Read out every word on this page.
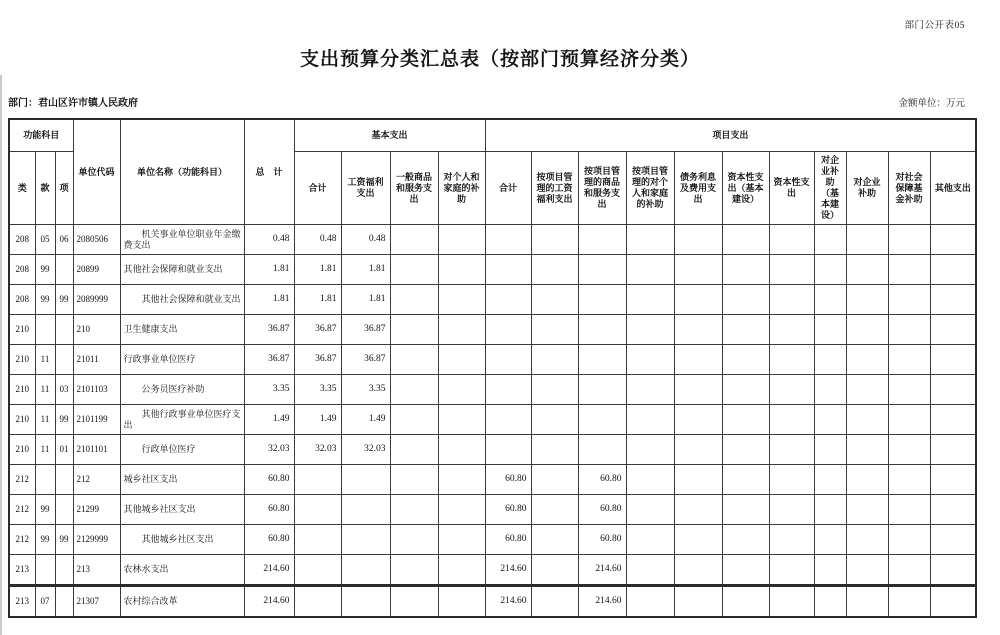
部门公开表05
支出预算分类汇总表（按部门预算经济分类）
部门：君山区许市镇人民政府	金额单位：万元
功能科目			单位代码	单位名称（功能科目）	总　计	基本支出				项目支出										
类	款	项				合计	工资福利支出	一般商品和服务支出	对个人和家庭的补助	合计	按项目管理的工资福利支出	按项目管理的商品和服务支出	按项目管理的对个人和家庭的补助	债务利息及费用支出	资本性支出（基本建设）	资本性支出	对企业补助（基本建设）	对企业补助	对社会保障基金补助	其他支出
208	05	06	2080506	机关事业单位职业年金缴费支出	0.48	0.48	0.48													
208	99		20899	其他社会保障和就业支出	1.81	1.81	1.81													
208	99	99	2089999	其他社会保障和就业支出	1.81	1.81	1.81													
210			210	卫生健康支出	36.87	36.87	36.87													
210	11		21011	行政事业单位医疗	36.87	36.87	36.87													
210	11	03	2101103	公务员医疗补助	3.35	3.35	3.35													
210	11	99	2101199	其他行政事业单位医疗支出	1.49	1.49	1.49													
210	11	01	2101101	行政单位医疗	32.03	32.03	32.03													
212			212	城乡社区支出	60.80					60.80		60.80								
212	99		21299	其他城乡社区支出	60.80					60.80		60.80								
212	99	99	2129999	其他城乡社区支出	60.80					60.80		60.80								
213			213	农林水支出	214.60					214.60		214.60								
213	07		21307	农村综合改革	214.60					214.60		214.60								
